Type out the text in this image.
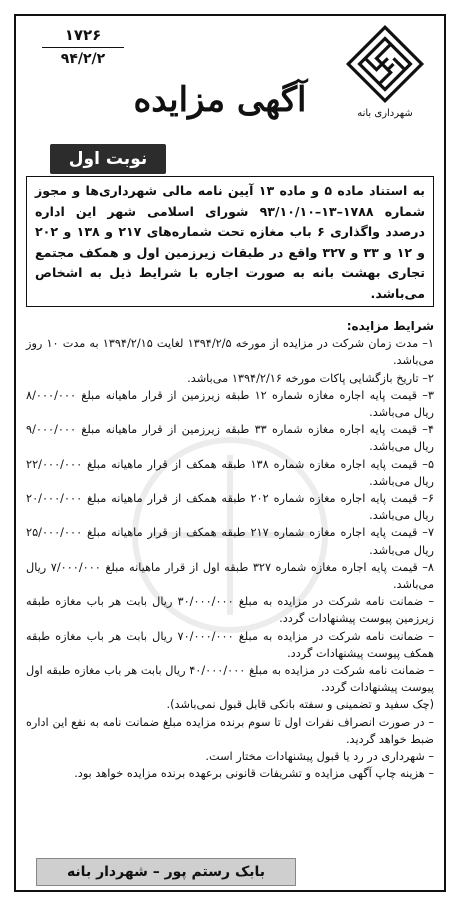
۱۷۲۶
۹۴/۲/۲
شهرداری بانه
آگهی مزایده
نوبت اول
به استناد ماده ۵ و ماده ۱۳ آیین نامه مالی شهرداری‌ها و مجوز شماره ۱۷۸۸–۱۳–۹۳/۱۰/۱۰ شورای اسلامی شهر این اداره درصدد واگذاری ۶ باب مغازه تحت شماره‌های ۲۱۷ و ۱۳۸ و ۲۰۲ و ۱۲ و ۳۳ و ۳۲۷ واقع در طبقات زیرزمین اول و همکف مجتمع تجاری بهشت بانه به صورت اجاره با شرایط ذیل به اشخاص می‌باشد.

شرایط مزایده:

۱– مدت زمان شرکت در مزایده از مورخه ۱۳۹۴/۲/۵ لغایت ۱۳۹۴/۲/۱۵ به مدت ۱۰ روز می‌باشد.

۲– تاریخ بازگشایی پاکات مورخه ۱۳۹۴/۲/۱۶ می‌باشد.

۳– قیمت پایه اجاره مغازه شماره ۱۲ طبقه زیرزمین از قرار ماهیانه مبلغ ۸/۰۰۰/۰۰۰ ریال می‌باشد.

۴– قیمت پایه اجاره مغازه شماره ۳۳ طبقه زیرزمین از قرار ماهیانه مبلغ ۹/۰۰۰/۰۰۰ ریال می‌باشد.

۵– قیمت پایه اجاره مغازه شماره ۱۳۸ طبقه همکف از قرار ماهیانه مبلغ ۲۲/۰۰۰/۰۰۰ ریال می‌باشد.

۶– قیمت پایه اجاره مغازه شماره ۲۰۲ طبقه همکف از قرار ماهیانه مبلغ ۲۰/۰۰۰/۰۰۰ ریال می‌باشد.

۷– قیمت پایه اجاره مغازه شماره ۲۱۷ طبقه همکف از قرار ماهیانه مبلغ ۲۵/۰۰۰/۰۰۰ ریال می‌باشد.

۸– قیمت پایه اجاره مغازه شماره ۳۲۷ طبقه اول از قرار ماهیانه مبلغ ۷/۰۰۰/۰۰۰ ریال می‌باشد.

– ضمانت نامه شرکت در مزایده به مبلغ ۳۰/۰۰۰/۰۰۰ ریال بابت هر باب مغازه طبقه زیرزمین پیوست پیشنهادات گردد.

– ضمانت نامه شرکت در مزایده به مبلغ ۷۰/۰۰۰/۰۰۰ ریال بابت هر باب مغازه طبقه همکف پیوست پیشنهادات گردد.

– ضمانت نامه شرکت در مزایده به مبلغ ۴۰/۰۰۰/۰۰۰ ریال بابت هر باب مغازه طبقه اول پیوست پیشنهادات گردد.

(چک سفید و تضمینی و سفته بانکی قابل قبول نمی‌باشد).

– در صورت انصراف نفرات اول تا سوم برنده مزایده مبلغ ضمانت نامه به نفع این اداره ضبط خواهد گردید.

– شهرداری در رد یا قبول پیشنهادات مختار است.

– هزینه چاپ آگهی مزایده و تشریفات قانونی برعهده برنده مزایده خواهد بود.

بابک رستم پور – شهردار بانه
